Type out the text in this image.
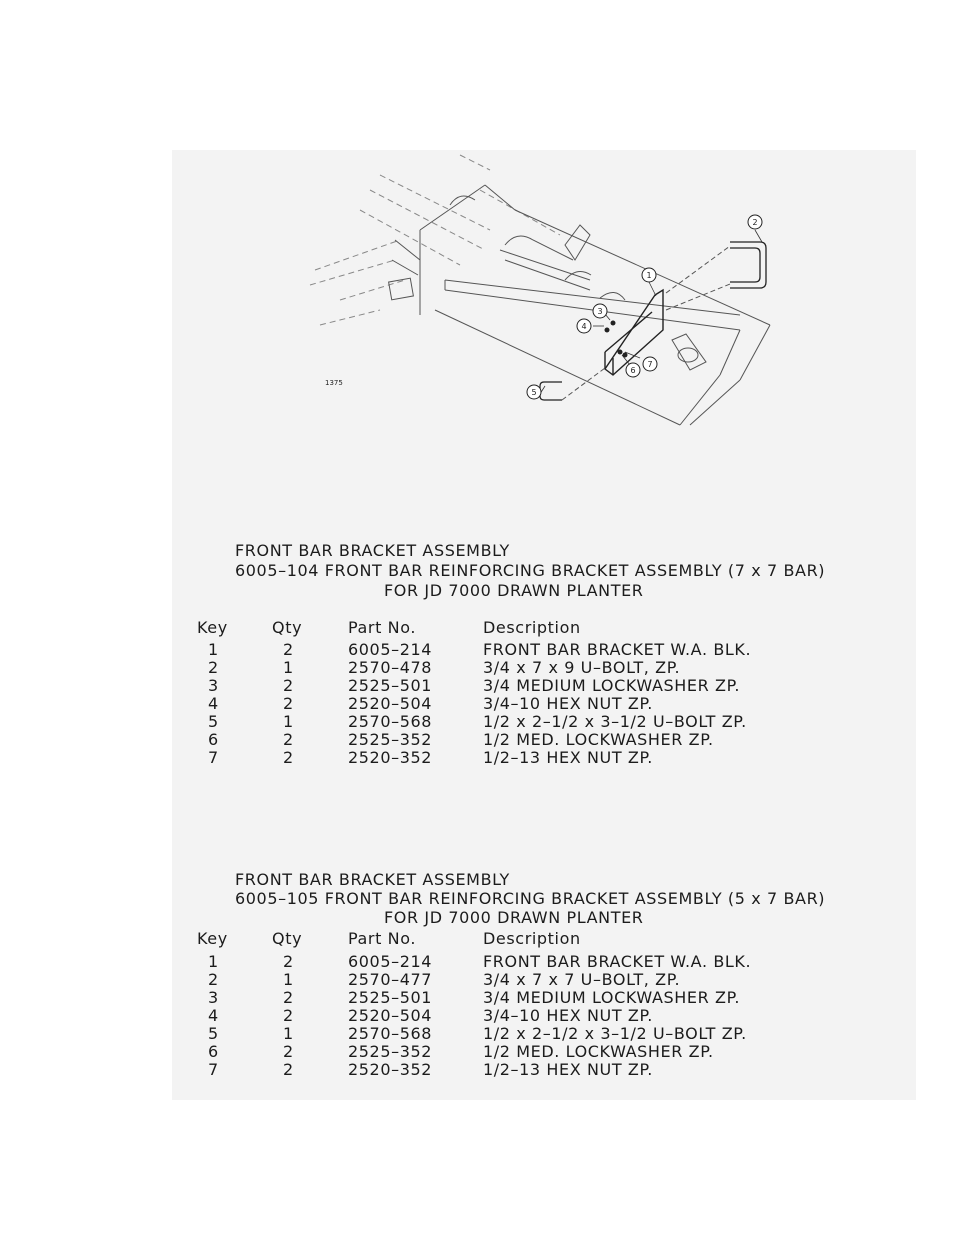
1
2
3
4
5
6
7
1375
FRONT BAR BRACKET ASSEMBLY
6005–104 FRONT BAR REINFORCING BRACKET ASSEMBLY (7 x 7 BAR)
FOR JD 7000 DRAWN PLANTER
Key	Qty	Part No.	Description
1	2	6005–214	FRONT BAR BRACKET W.A. BLK.
2	1	2570–478	3/4 x 7 x 9 U–BOLT, ZP.
3	2	2525–501	3/4 MEDIUM LOCKWASHER ZP.
4	2	2520–504	3/4–10 HEX NUT ZP.
5	1	2570–568	1/2 x 2–1/2 x 3–1/2 U–BOLT ZP.
6	2	2525–352	1/2 MED. LOCKWASHER ZP.
7	2	2520–352	1/2–13 HEX NUT ZP.
FRONT BAR BRACKET ASSEMBLY
6005–105 FRONT BAR REINFORCING BRACKET ASSEMBLY (5 x 7 BAR)
FOR JD 7000 DRAWN PLANTER
Key	Qty	Part No.	Description
1	2	6005–214	FRONT BAR BRACKET W.A. BLK.
2	1	2570–477	3/4 x 7 x 7 U–BOLT, ZP.
3	2	2525–501	3/4 MEDIUM LOCKWASHER ZP.
4	2	2520–504	3/4–10 HEX NUT ZP.
5	1	2570–568	1/2 x 2–1/2 x 3–1/2 U–BOLT ZP.
6	2	2525–352	1/2 MED. LOCKWASHER ZP.
7	2	2520–352	1/2–13 HEX NUT ZP.
